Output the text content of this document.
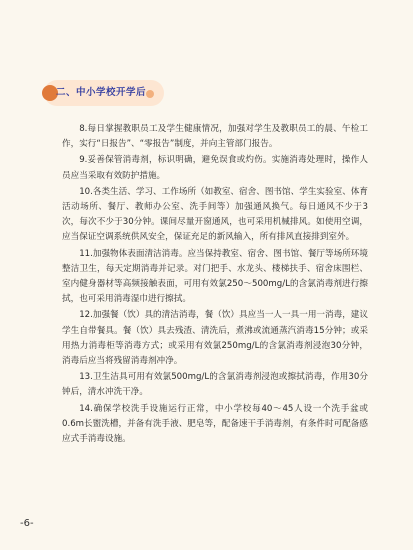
二、中小学校开学后

8.每日掌握教职员工及学生健康情况，加强对学生及教职员工的晨、午检工作，实行“日报告”、“零报告”制度，并向主管部门报告。

9.妥善保管消毒剂，标识明确，避免误食或灼伤。实施消毒处理时，操作人员应当采取有效防护措施。

10.各类生活、学习、工作场所（如教室、宿舍、图书馆、学生实验室、体育活动场所、餐厅、教师办公室、洗手间等）加强通风换气。每日通风不少于3次，每次不少于30分钟。课间尽量开窗通风，也可采用机械排风。如使用空调，应当保证空调系统供风安全，保证充足的新风输入，所有排风直接排到室外。

11.加强物体表面清洁消毒。应当保持教室、宿舍、图书馆、餐厅等场所环境整洁卫生，每天定期消毒并记录。对门把手、水龙头、楼梯扶手、宿舍床围栏、室内健身器材等高频接触表面，可用有效氯250～500mg/L的含氯消毒剂进行擦拭，也可采用消毒湿巾进行擦拭。

12.加强餐（饮）具的清洁消毒，餐（饮）具应当一人一具一用一消毒，建议学生自带餐具。餐（饮）具去残渣、清洗后，煮沸或流通蒸汽消毒15分钟；或采用热力消毒柜等消毒方式；或采用有效氯250mg/L的含氯消毒剂浸泡30分钟，消毒后应当将残留消毒剂冲净。

13.卫生洁具可用有效氯500mg/L的含氯消毒剂浸泡或擦拭消毒，作用30分钟后，清水冲洗干净。

14.确保学校洗手设施运行正常，中小学校每40～45人设一个洗手盆或0.6m长盥洗槽，并备有洗手液、肥皂等，配备速干手消毒剂，有条件时可配备感应式手消毒设施。

-6-
